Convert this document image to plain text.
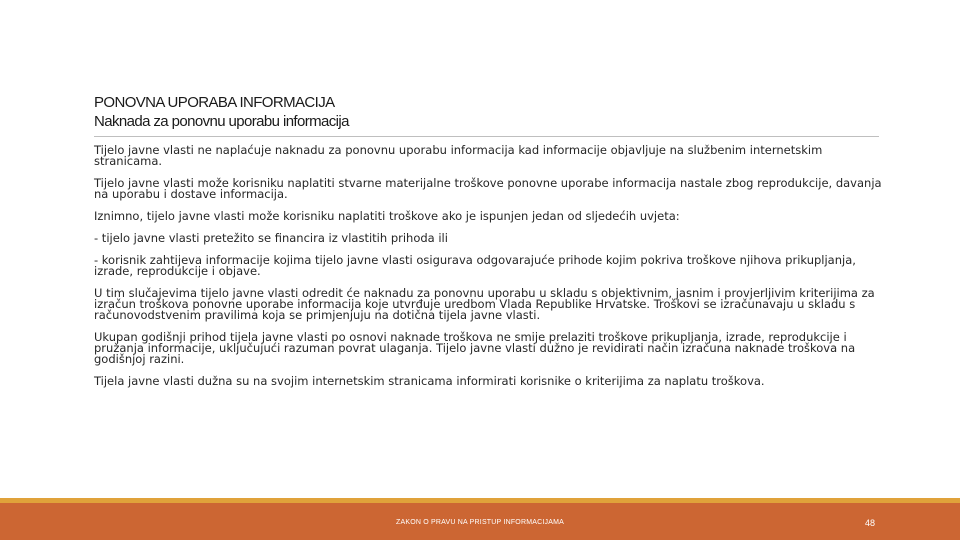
PONOVNA UPORABA INFORMACIJA
Naknada za ponovnu uporabu informacija

Tijelo javne vlasti ne naplaćuje naknadu za ponovnu uporabu informacija kad informacije objavljuje na službenim internetskim stranicama.

Tijelo javne vlasti može korisniku naplatiti stvarne materijalne troškove ponovne uporabe informacija nastale zbog reprodukcije, davanja na uporabu i dostave informacija.

Iznimno, tijelo javne vlasti može korisniku naplatiti troškove ako je ispunjen jedan od sljedećih uvjeta:

- tijelo javne vlasti pretežito se financira iz vlastitih prihoda ili

- korisnik zahtijeva informacije kojima tijelo javne vlasti osigurava odgovarajuće prihode kojim pokriva troškove njihova prikupljanja, izrade, reprodukcije i objave.

U tim slučajevima tijelo javne vlasti odredit će naknadu za ponovnu uporabu u skladu s objektivnim, jasnim i provjerljivim kriterijima za izračun troškova ponovne uporabe informacija koje utvrđuje uredbom Vlada Republike Hrvatske. Troškovi se izračunavaju u skladu s računovodstvenim pravilima koja se primjenjuju na dotična tijela javne vlasti.

Ukupan godišnji prihod tijela javne vlasti po osnovi naknade troškova ne smije prelaziti troškove prikupljanja, izrade, reprodukcije i pružanja informacije, uključujući razuman povrat ulaganja. Tijelo javne vlasti dužno je revidirati način izračuna naknade troškova na godišnjoj razini.

Tijela javne vlasti dužna su na svojim internetskim stranicama informirati korisnike o kriterijima za naplatu troškova.

ZAKON O PRAVU NA PRISTUP INFORMACIJAMA	48
